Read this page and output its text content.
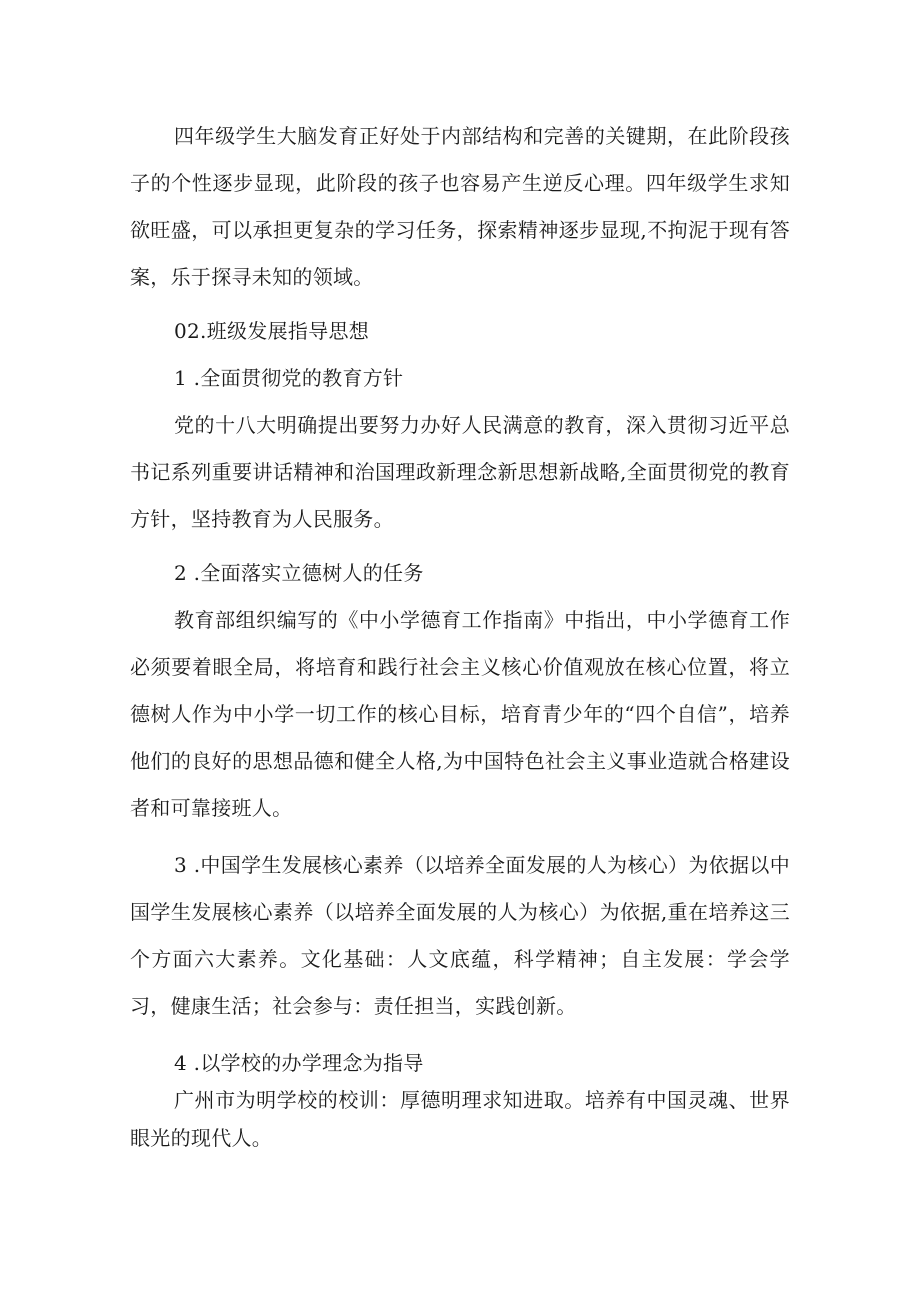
四年级学生大脑发育正好处于内部结构和完善的关键期，在此阶段孩子的个性逐步显现，此阶段的孩子也容易产生逆反心理。四年级学生求知欲旺盛，可以承担更复杂的学习任务，探索精神逐步显现,不拘泥于现有答案，乐于探寻未知的领域。

02.班级发展指导思想

1 .全面贯彻党的教育方针

党的十八大明确提出要努力办好人民满意的教育，深入贯彻习近平总书记系列重要讲话精神和治国理政新理念新思想新战略,全面贯彻党的教育方针，坚持教育为人民服务。

2 .全面落实立德树人的任务

教育部组织编写的《中小学德育工作指南》中指出，中小学德育工作必须要着眼全局，将培育和践行社会主义核心价值观放在核心位置，将立德树人作为中小学一切工作的核心目标，培育青少年的“四个自信”，培养他们的良好的思想品德和健全人格,为中国特色社会主义事业造就合格建设者和可靠接班人。

3 .中国学生发展核心素养（以培养全面发展的人为核心）为依据以中国学生发展核心素养（以培养全面发展的人为核心）为依据,重在培养这三个方面六大素养。文化基础：人文底蕴，科学精神；自主发展：学会学习，健康生活；社会参与：责任担当，实践创新。

4 .以学校的办学理念为指导

广州市为明学校的校训：厚德明理求知进取。培养有中国灵魂、世界眼光的现代人。
